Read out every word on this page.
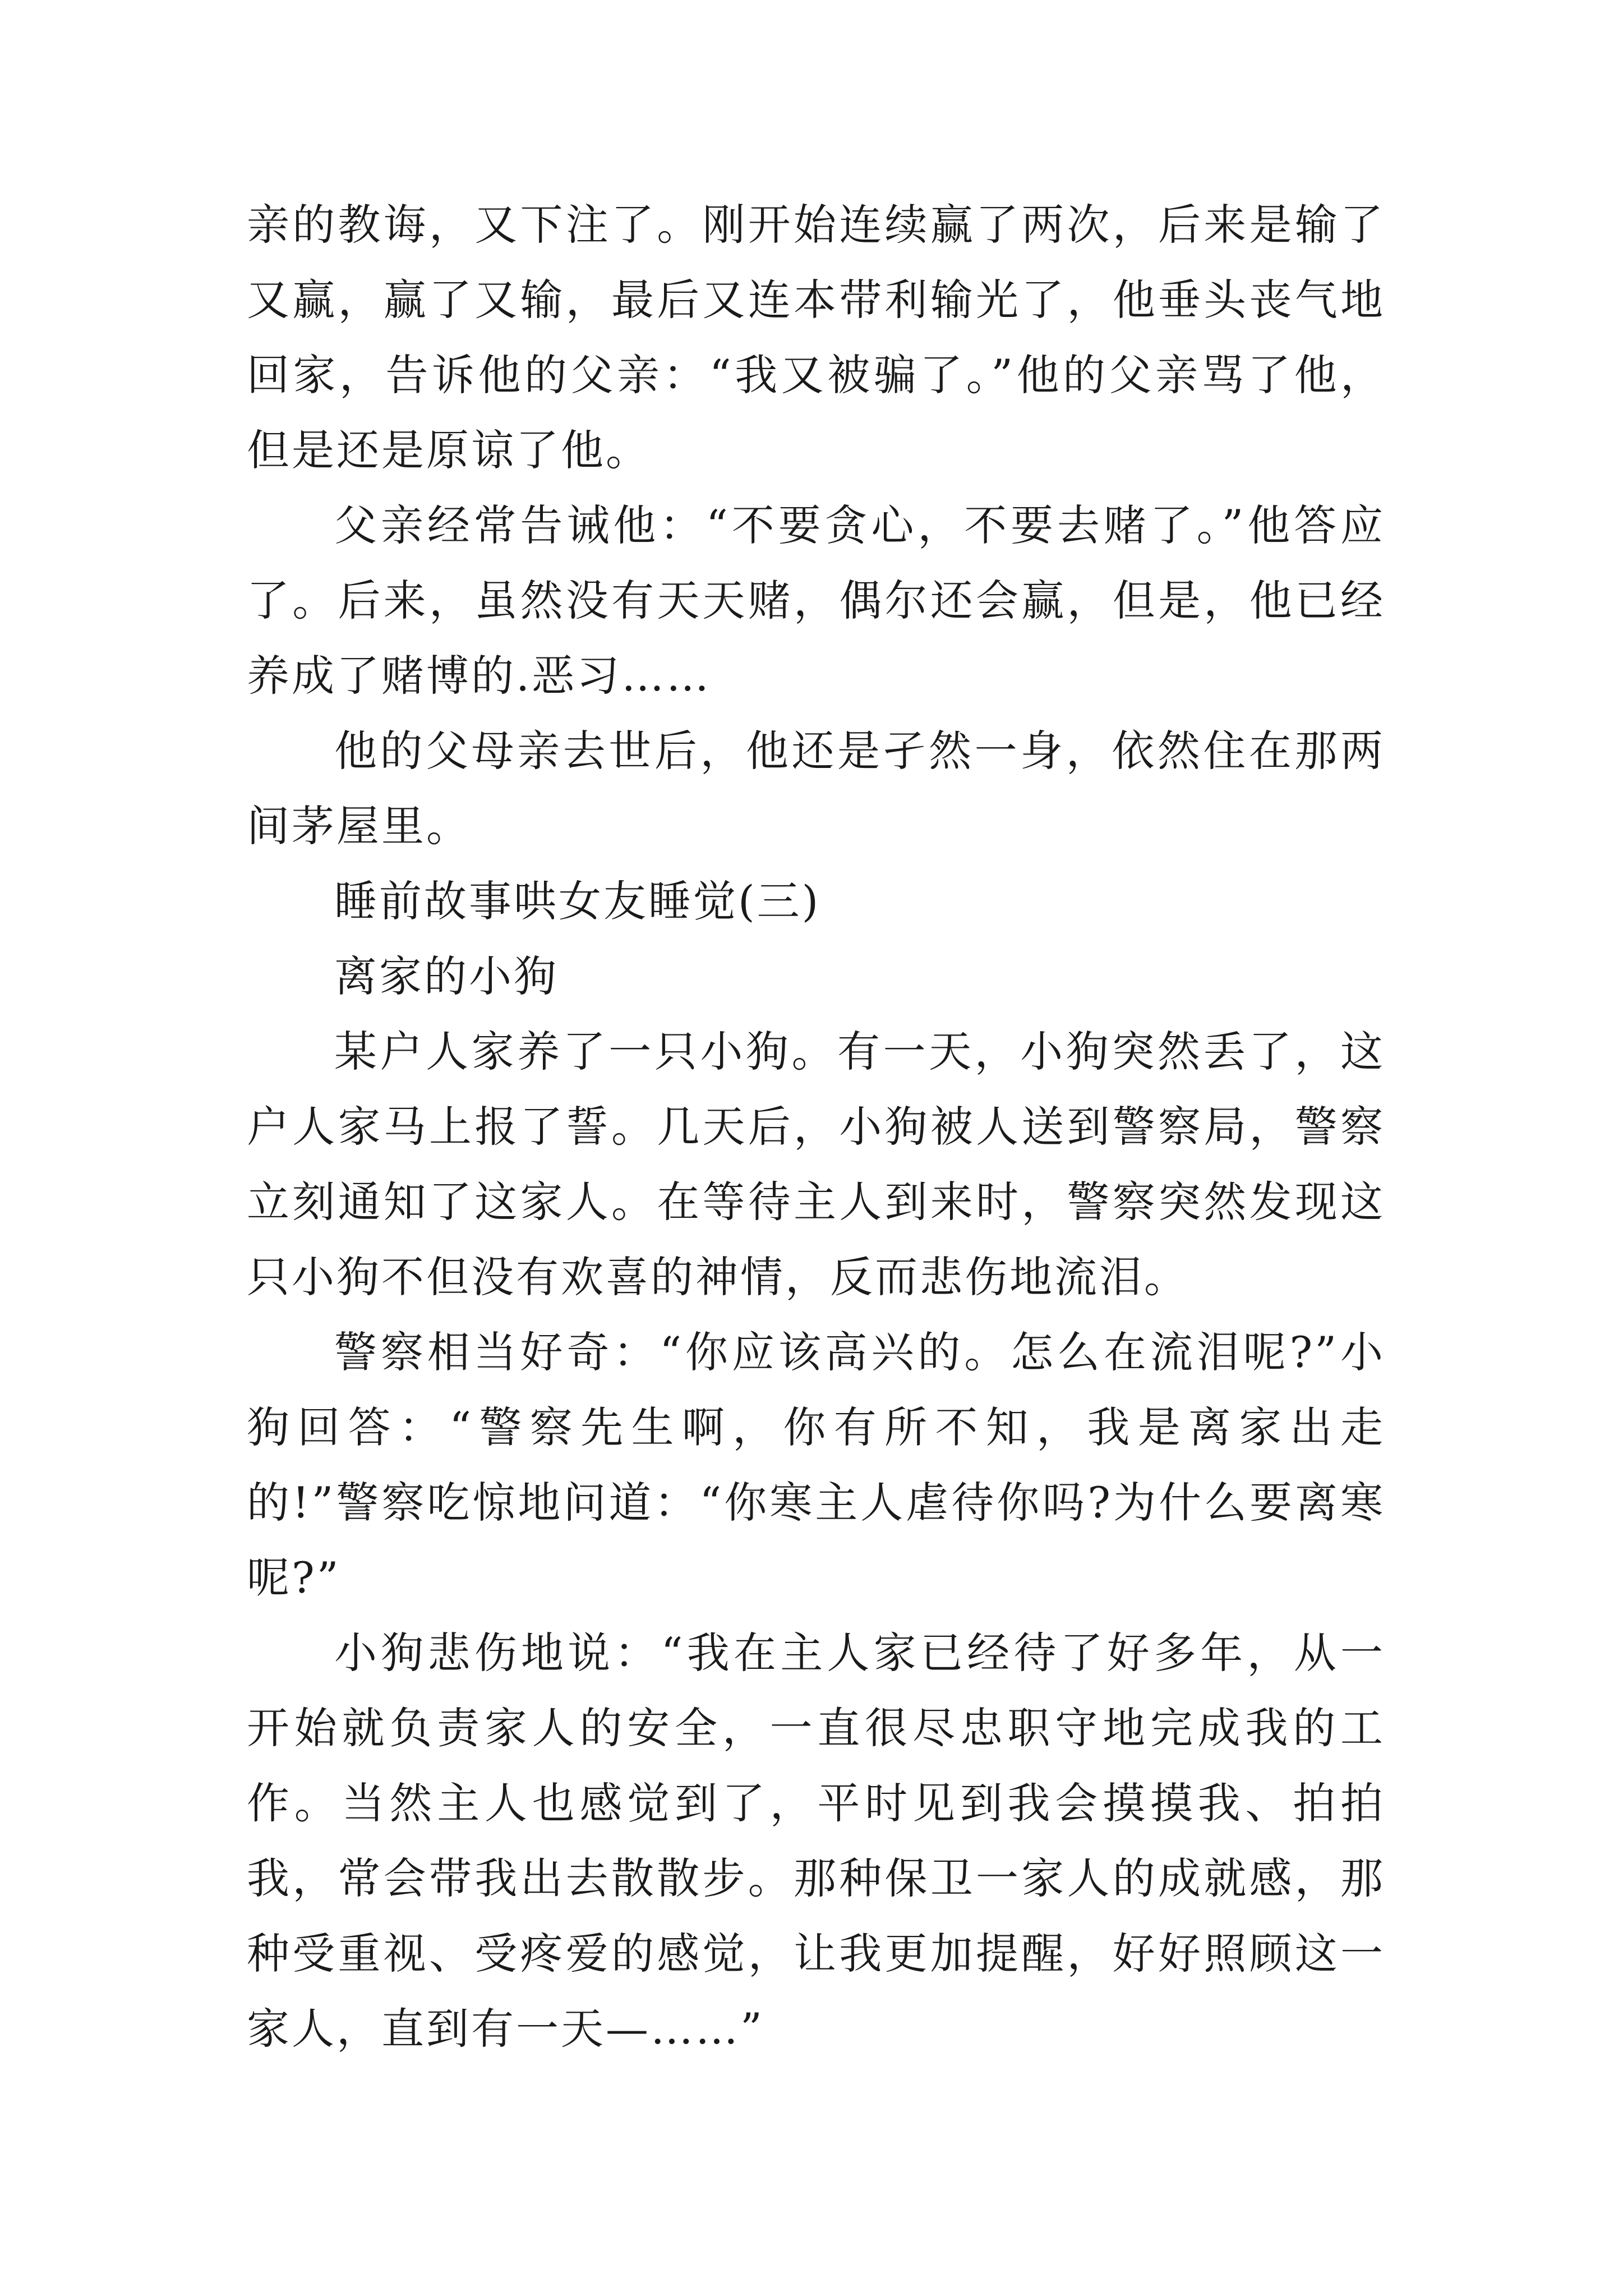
亲的教诲，又下注了。刚开始连续赢了两次，后来是输了又赢，赢了又输，最后又连本带利输光了，他垂头丧气地回家，告诉他的父亲：“我又被骗了。”他的父亲骂了他，但是还是原谅了他。

父亲经常告诫他：“不要贪心，不要去赌了。”他答应了。后来，虽然没有天天赌，偶尔还会赢，但是，他已经养成了赌博的.恶习……

他的父母亲去世后，他还是孑然一身，依然住在那两间茅屋里。

睡前故事哄女友睡觉(三)

离家的小狗

某户人家养了一只小狗。有一天，小狗突然丢了，这户人家马上报了誓。几天后，小狗被人送到警察局，警察立刻通知了这家人。在等待主人到来时，警察突然发现这只小狗不但没有欢喜的神情，反而悲伤地流泪。

警察相当好奇：“你应该高兴的。怎么在流泪呢?”小狗回答：“警察先生啊，你有所不知，我是离家出走的!”警察吃惊地问道：“你寒主人虐待你吗?为什么要离寒呢?”

小狗悲伤地说：“我在主人家已经待了好多年，从一开始就负责家人的安全，一直很尽忠职守地完成我的工作。当然主人也感觉到了，平时见到我会摸摸我、拍拍我，常会带我出去散散步。那种保卫一家人的成就感，那种受重视、受疼爱的感觉，让我更加提醒，好好照顾这一家人，直到有一天—……”
